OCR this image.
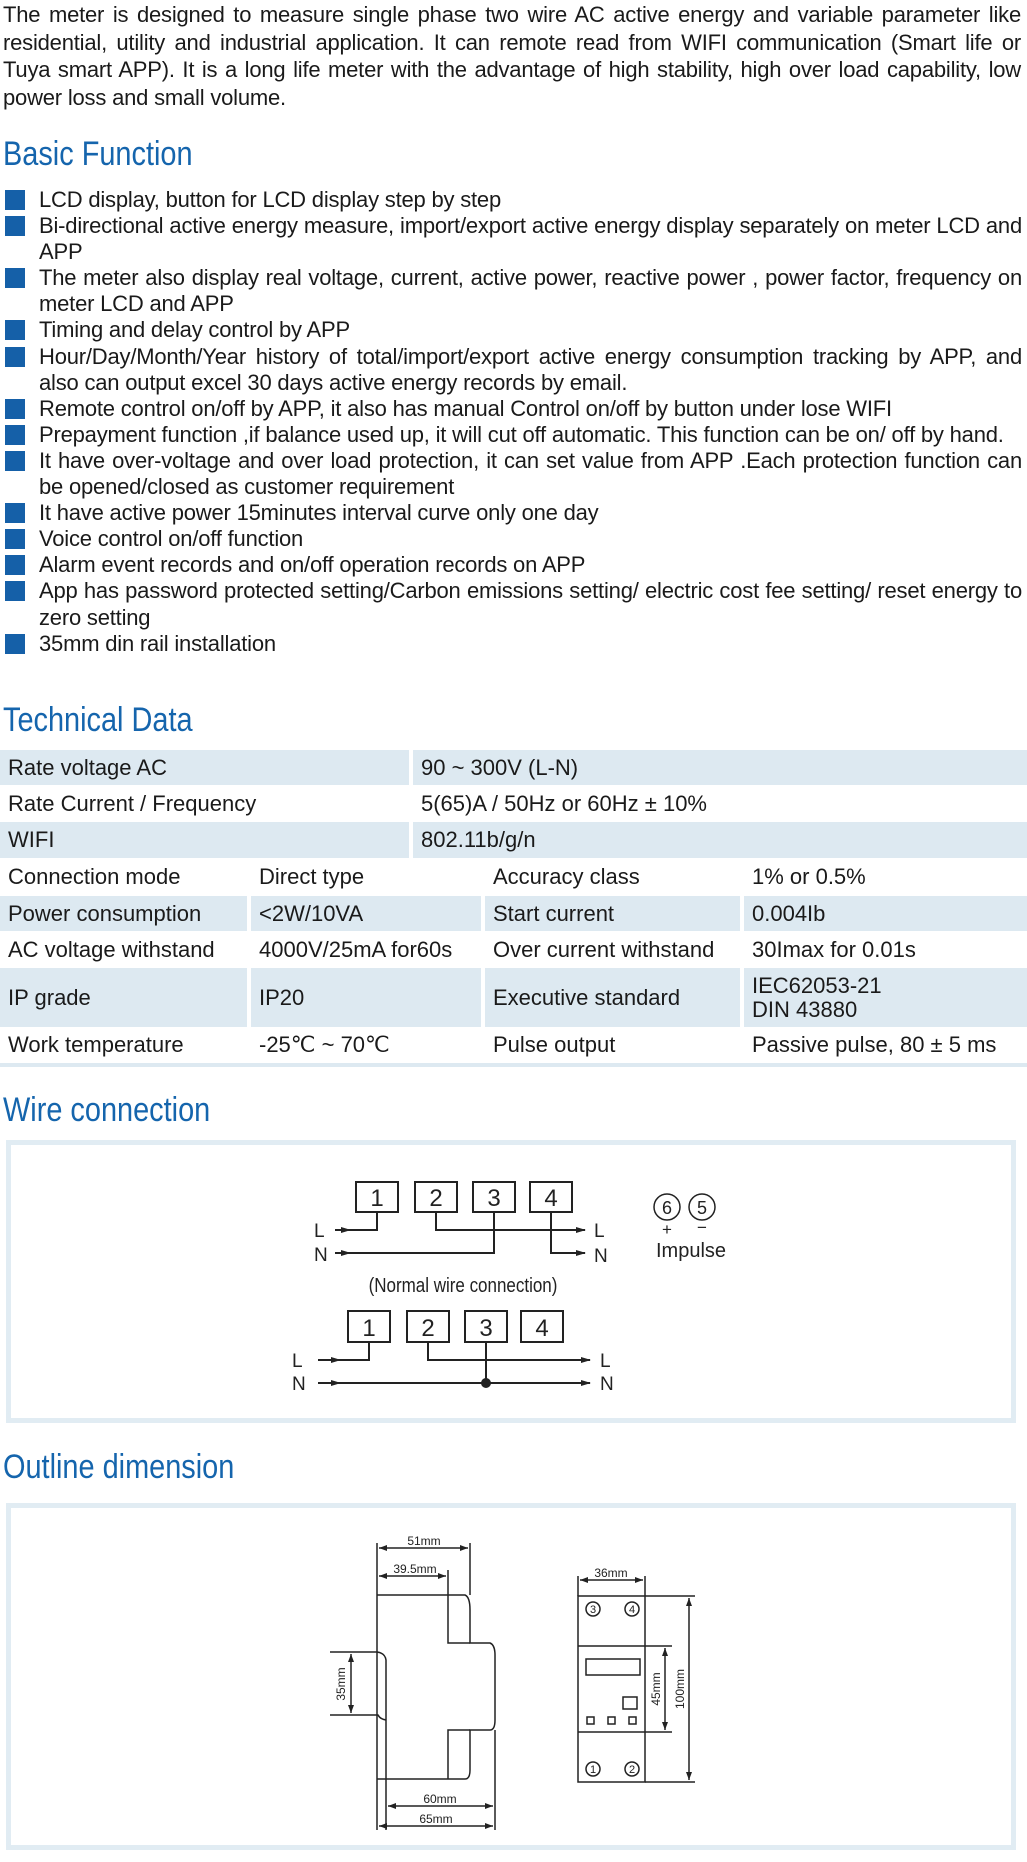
The meter is designed to measure single phase two wire AC active energy and variable parameter like residential, utility and industrial application. It can remote read from WIFI communication (Smart life or Tuya smart APP). It is a long life meter with the advantage of high stability, high over load capability, low power loss and small volume.
Basic Function
LCD display, button for LCD display step by step
Bi-directional active energy measure, import/export active energy display separately on meter LCD and APP
The meter also display real voltage, current, active power, reactive power , power factor, frequency on meter LCD and APP
Timing and delay control by APP
Hour/Day/Month/Year history of total/import/export active energy consumption tracking by APP, and also can output excel 30 days active energy records by email.
Remote control on/off by APP, it also has manual Control on/off by button under lose WIFI
Prepayment function ,if balance used up, it will cut off automatic. This function can be on/ off by hand.
It have over-voltage and over load protection, it can set value from APP .Each protection function can be opened/closed as customer requirement
It have active power 15minutes interval curve only one day
Voice control on/off function
Alarm event records and on/off operation records on APP
App has password protected setting/Carbon emissions setting/ electric cost fee setting/ reset energy to zero setting
35mm din rail installation
Technical Data
Rate voltage AC	90 ~ 300V (L-N)
Rate Current / Frequency	5(65)A / 50Hz or 60Hz ± 10%
WIFI	802.11b/g/n
Connection mode	Direct type	Accuracy class	1% or 0.5%
Power consumption	<2W/10VA	Start current	0.004Ib
AC voltage withstand	4000V/25mA for60s	Over current withstand	30Imax for 0.01s
IP grade	IP20	Executive standard	IEC62053-21
DIN 43880
Work temperature	-25℃ ~ 70℃	Pulse output	Passive pulse, 80 ± 5 ms
Wire connection
Outline dimension
1 2 3 4
L
N
L
N
(Normal wire connection)
1 2 3 4
L
N
L
N
6 5
+ −
Impulse
51mm
39.5mm
60mm
65mm
35mm
3	4
1	2
36mm
45mm 100mm
